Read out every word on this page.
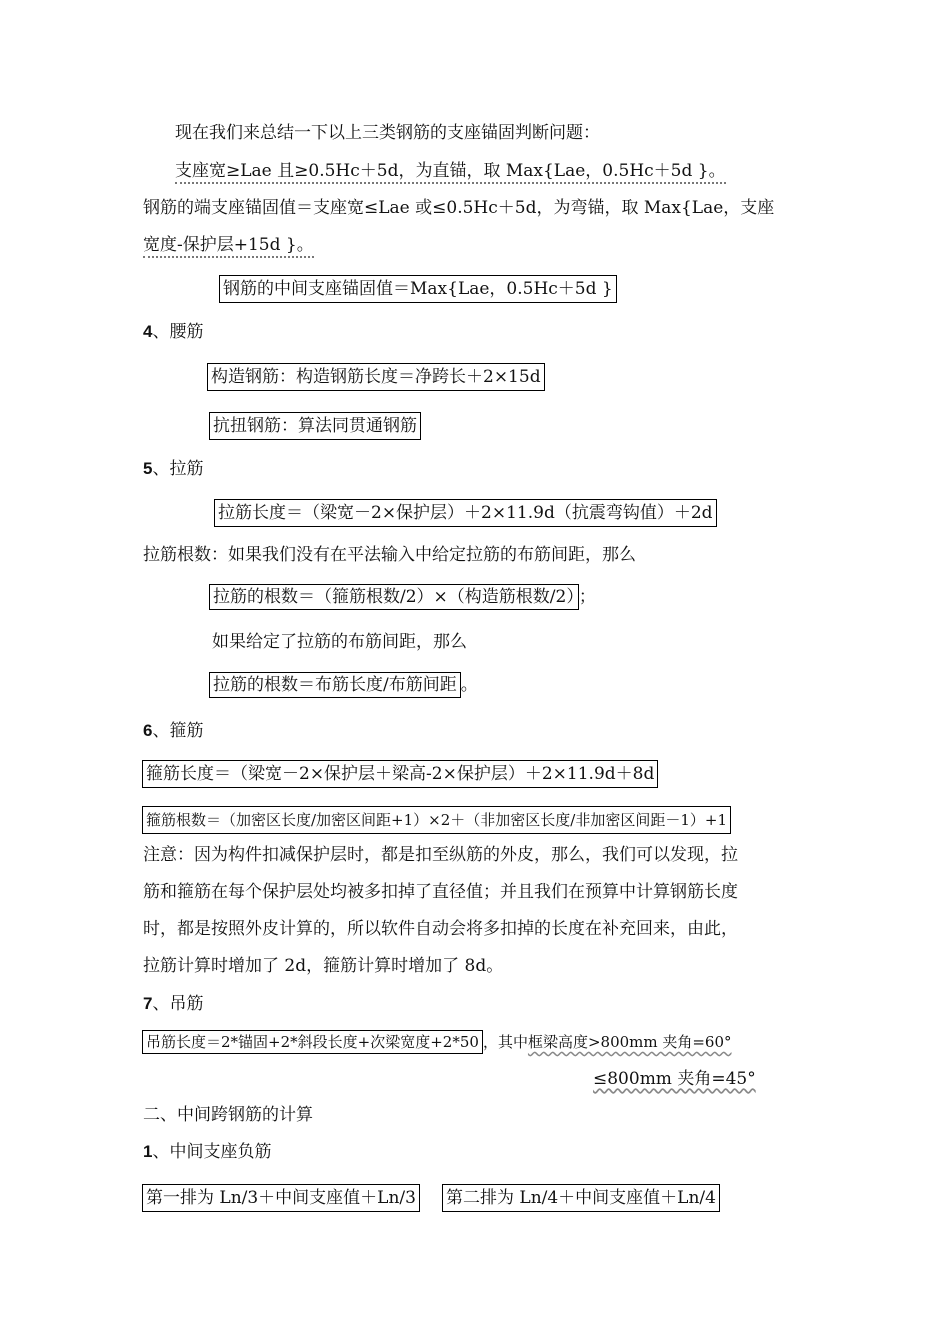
现在我们来总结一下以上三类钢筋的支座锚固判断问题：
支座宽≥Lae 且≥0.5Hc＋5d，为直锚，取 Max{Lae，0.5Hc＋5d }。
钢筋的端支座锚固值＝支座宽≤Lae 或≤0.5Hc＋5d，为弯锚，取 Max{Lae，支座
宽度-保护层+15d }。
钢筋的中间支座锚固值＝Max{Lae，0.5Hc＋5d }
4、腰筋
构造钢筋：构造钢筋长度＝净跨长＋2×15d
抗扭钢筋：算法同贯通钢筋
5、拉筋
拉筋长度＝（梁宽－2×保护层）＋2×11.9d（抗震弯钩值）＋2d
拉筋根数：如果我们没有在平法输入中给定拉筋的布筋间距，那么
拉筋的根数＝（箍筋根数/2）×（构造筋根数/2） ；
如果给定了拉筋的布筋间距，那么
拉筋的根数＝布筋长度/布筋间距 。
6、箍筋
箍筋长度＝（梁宽－2×保护层＋梁高-2×保护层）＋2×11.9d＋8d
箍筋根数＝（加密区长度/加密区间距+1）×2＋（非加密区长度/非加密区间距－1）+1
注意：因为构件扣减保护层时，都是扣至纵筋的外皮，那么，我们可以发现，拉
筋和箍筋在每个保护层处均被多扣掉了直径值；并且我们在预算中计算钢筋长度
时，都是按照外皮计算的，所以软件自动会将多扣掉的长度在补充回来，由此，
拉筋计算时增加了 2d，箍筋计算时增加了 8d。
7、吊筋
吊筋长度＝2*锚固+2*斜段长度+次梁宽度+2*50 ，其中框梁高度>800mm 夹角=60°
≤800mm 夹角=45°
二、中间跨钢筋的计算
1、中间支座负筋
第一排为 Ln/3＋中间支座值＋Ln/3 第二排为 Ln/4＋中间支座值＋Ln/4
